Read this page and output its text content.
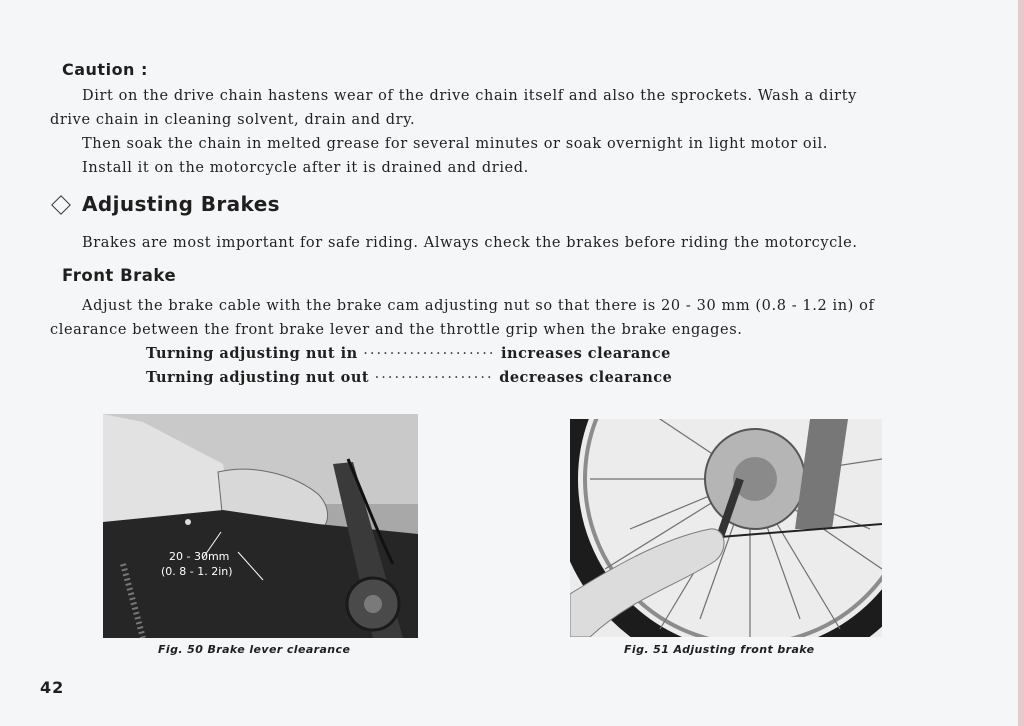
Caution :
Dirt on the drive chain hastens wear of the drive chain itself and also the sprockets. Wash a dirty
drive chain in cleaning solvent, drain and dry.
Then soak the chain in melted grease for several minutes or soak overnight in light motor oil.
Install it on the motorcycle after it is drained and dried.
Adjusting Brakes
Brakes are most important for safe riding. Always check the brakes before riding the motorcycle.
Front Brake
Adjust the brake cable with the brake cam adjusting nut so that there is 20 - 30 mm (0.8 - 1.2 in) of
clearance between the front brake lever and the throttle grip when the brake engages.
Turning adjusting nut in ···················· increases clearance
Turning adjusting nut out ·················· decreases clearance
20 - 30mm
(0. 8 - 1. 2in)
Fig. 50 Brake lever clearance	Fig. 51 Adjusting front brake
42
